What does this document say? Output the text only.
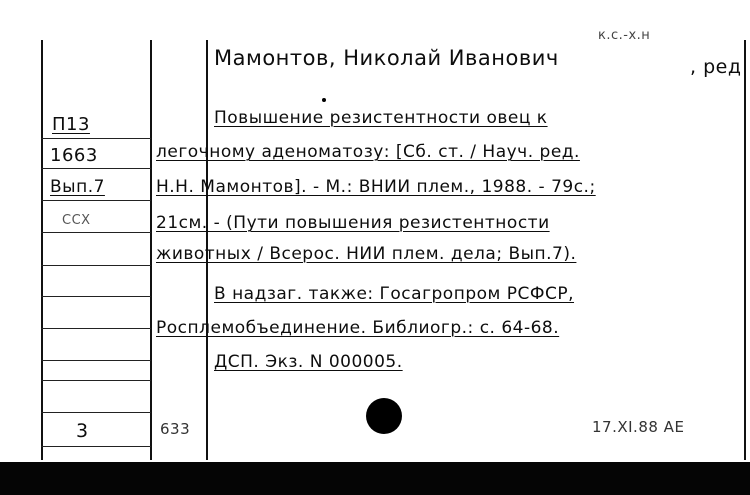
Мамонтов, Николай Иванович	, ред
к.с.-х.н
П13
1663
Вып.7
ССХ
3
Повышение резистентности овец к
легочному аденоматозу: [Сб. ст. / Науч. ред.
Н.Н. Мамонтов]. - М.: ВНИИ плем., 1988. - 79с.;
21см. - (Пути повышения резистентности
животных / Всерос. НИИ плем. дела; Вып.7).
В надзаг. также: Госагропром РСФСР,
Росплемобъединение. Библиогр.: с. 64-68.
ДСП. Экз. N 000005.
633	17.XI.88 АЕ
